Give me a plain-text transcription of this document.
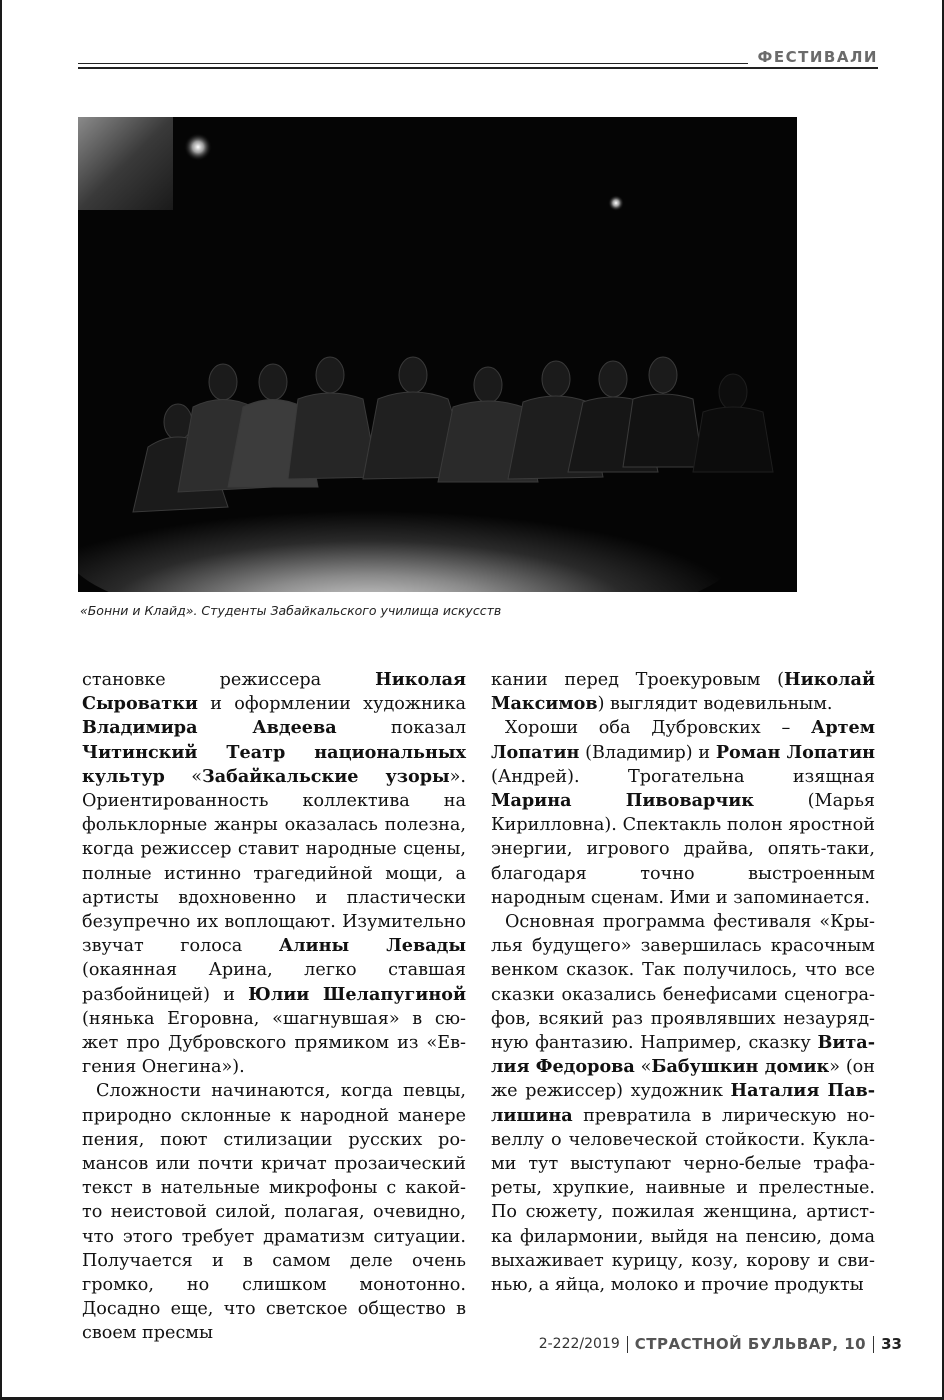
ФЕСТИВАЛИ
«Бонни и Клайд». Студенты Забайкальского училища искусств

становке режиссера Николая Сыроватки и оформлении художника Владимира Авдеева показал Читинский Театр национальных культур «Забайкальские узоры». Ориентированность коллектива на фольклорные жанры оказалась полезна, когда режиссер ставит народные сцены, полные истинно трагедийной мощи, а артисты вдохновенно и пластически безупречно их воплощают. Изумительно звучат голоса Алины Левады (окаянная Арина, легко ставшая разбойницей) и Юлии Шелапугиной (нянька Егоровна, «шагнувшая» в сюжет про Дубровского прямиком из «Евгения Онегина»).

Сложности начинаются, когда певцы, природно склонные к народной манере пения, поют стилизации русских романсов или почти кричат прозаический текст в нательные микрофоны с какой-то неистовой силой, полагая, очевидно, что этого требует драматизм ситуации. Получается и в самом деле очень громко, но слишком монотонно. Досадно еще, что светское общество в своем пресмы

кании перед Троекуровым (Николай Максимов) выглядит водевильным.

Хороши оба Дубровских – Артем Лопатин (Владимир) и Роман Лопатин (Андрей). Трогательна изящная Марина Пивоварчик (Марья Кирилловна). Спектакль полон яростной энергии, игрового драйва, опять-таки, благодаря точно выстроенным народным сценам. Ими и запоминается.

Основная программа фестиваля «Крылья будущего» завершилась красочным венком сказок. Так получилось, что все сказки оказались бенефисами сценографов, всякий раз проявлявших незаурядную фантазию. Например, сказку Виталия Федорова «Бабушкин домик» (он же режиссер) художник Наталия Павлишина превратила в лирическую новеллу о человеческой стойкости. Куклами тут выступают черно-белые трафареты, хрупкие, наивные и прелестные. По сюжету, пожилая женщина, артистка филармонии, выйдя на пенсию, дома выхаживает курицу, козу, корову и свинью, а яйца, молоко и прочие продукты

2-222/2019 СТРАСТНОЙ БУЛЬВАР, 10 33
